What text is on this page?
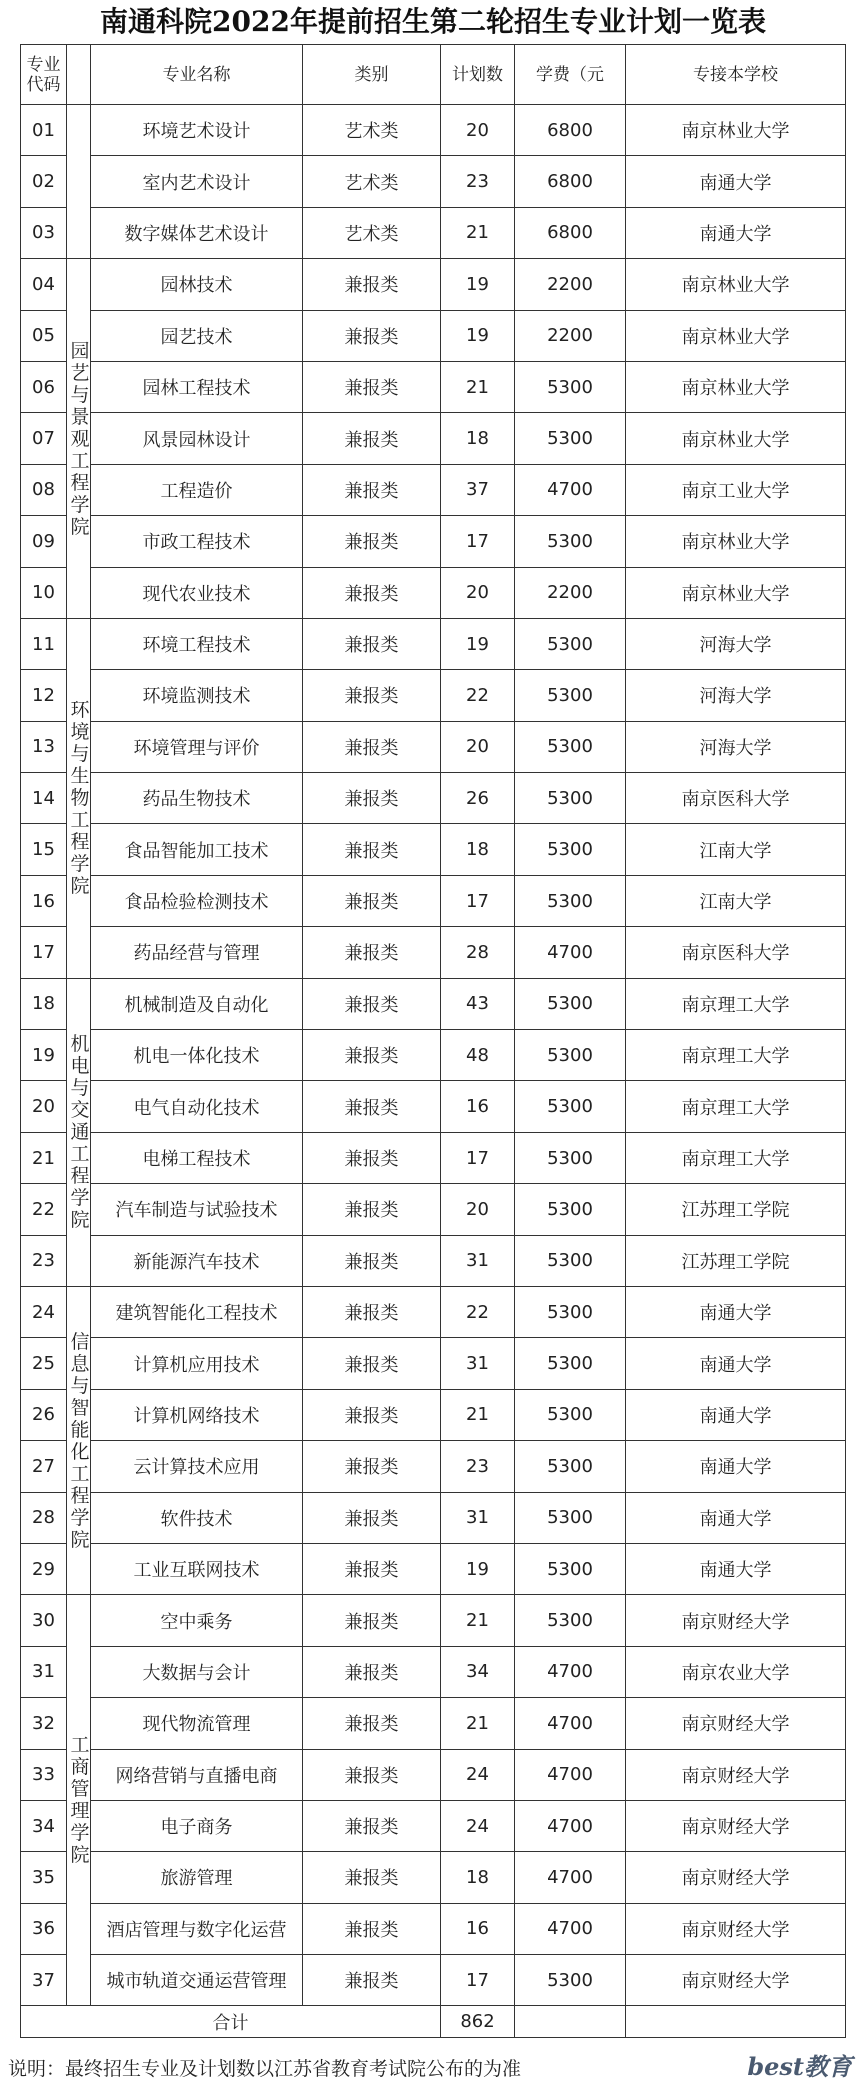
南通科院2022年提前招生第二轮招生专业计划一览表
专业代码		专业名称	类别	计划数	学费（元	专接本学校
01		环境艺术设计	艺术类	20	6800	南京林业大学
02		室内艺术设计	艺术类	23	6800	南通大学
03		数字媒体艺术设计	艺术类	21	6800	南通大学
04	园艺与景观工程学院	园林技术	兼报类	19	2200	南京林业大学
05		园艺技术	兼报类	19	2200	南京林业大学
06		园林工程技术	兼报类	21	5300	南京林业大学
07		风景园林设计	兼报类	18	5300	南京林业大学
08		工程造价	兼报类	37	4700	南京工业大学
09		市政工程技术	兼报类	17	5300	南京林业大学
10		现代农业技术	兼报类	20	2200	南京林业大学
11	环境与生物工程学院	环境工程技术	兼报类	19	5300	河海大学
12		环境监测技术	兼报类	22	5300	河海大学
13		环境管理与评价	兼报类	20	5300	河海大学
14		药品生物技术	兼报类	26	5300	南京医科大学
15		食品智能加工技术	兼报类	18	5300	江南大学
16		食品检验检测技术	兼报类	17	5300	江南大学
17		药品经营与管理	兼报类	28	4700	南京医科大学
18	机电与交通工程学院	机械制造及自动化	兼报类	43	5300	南京理工大学
19		机电一体化技术	兼报类	48	5300	南京理工大学
20		电气自动化技术	兼报类	16	5300	南京理工大学
21		电梯工程技术	兼报类	17	5300	南京理工大学
22		汽车制造与试验技术	兼报类	20	5300	江苏理工学院
23		新能源汽车技术	兼报类	31	5300	江苏理工学院
24	信息与智能化工程学院	建筑智能化工程技术	兼报类	22	5300	南通大学
25		计算机应用技术	兼报类	31	5300	南通大学
26		计算机网络技术	兼报类	21	5300	南通大学
27		云计算技术应用	兼报类	23	5300	南通大学
28		软件技术	兼报类	31	5300	南通大学
29		工业互联网技术	兼报类	19	5300	南通大学
30	工商管理学院	空中乘务	兼报类	21	5300	南京财经大学
31		大数据与会计	兼报类	34	4700	南京农业大学
32		现代物流管理	兼报类	21	4700	南京财经大学
33		网络营销与直播电商	兼报类	24	4700	南京财经大学
34		电子商务	兼报类	24	4700	南京财经大学
35		旅游管理	兼报类	18	4700	南京财经大学
36		酒店管理与数字化运营	兼报类	16	4700	南京财经大学
37		城市轨道交通运营管理	兼报类	17	5300	南京财经大学
合计				862		
说明：最终招生专业及计划数以江苏省教育考试院公布的为准	best教育
